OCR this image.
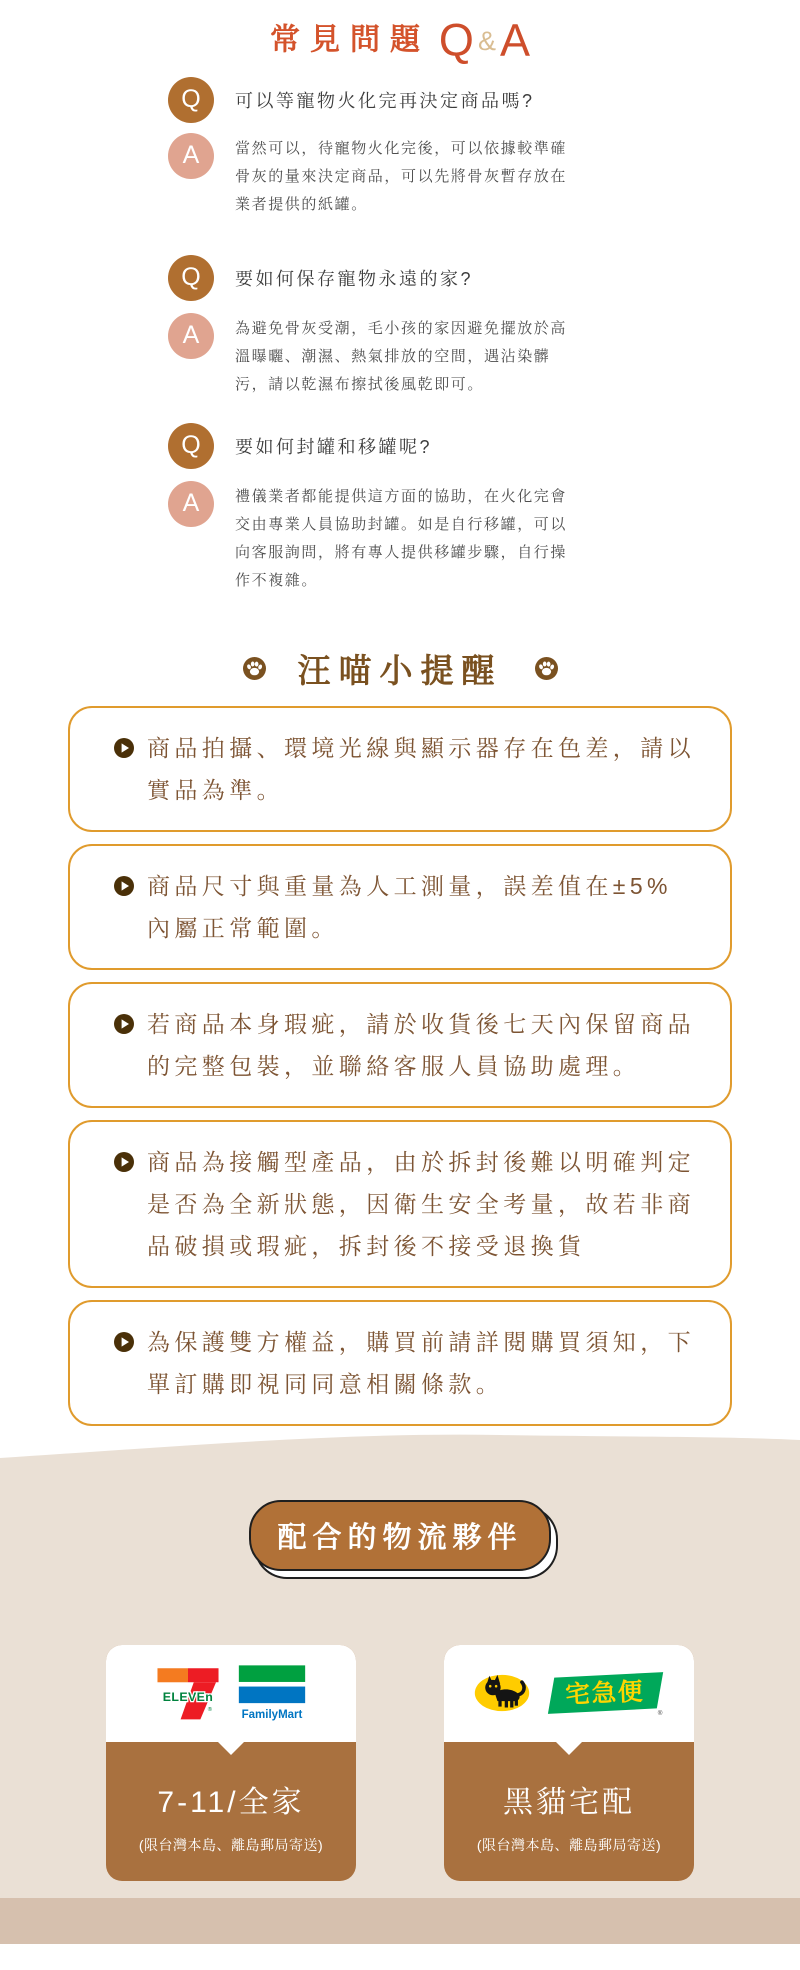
常見問題 Q &A
Q	可以等寵物火化完再決定商品嗎?

A	當然可以，待寵物火化完後，可以依據較準確骨灰的量來決定商品，可以先將骨灰暫存放在業者提供的紙罐。

Q	要如何保存寵物永遠的家?

A	為避免骨灰受潮，毛小孩的家因避免擺放於高溫曝曬、潮濕、熱氣排放的空間，遇沾染髒污，請以乾濕布擦拭後風乾即可。

Q	要如何封罐和移罐呢?

A	禮儀業者都能提供這方面的協助，在火化完會交由專業人員協助封罐。如是自行移罐，可以向客服詢問，將有專人提供移罐步驟，自行操作不複雜。

汪喵小提醒

商品拍攝、環境光線與顯示器存在色差，請以實品為準。

商品尺寸與重量為人工測量，誤差值在±5%內屬正常範圍。

若商品本身瑕疵，請於收貨後七天內保留商品的完整包裝，並聯絡客服人員協助處理。

商品為接觸型產品，由於拆封後難以明確判定是否為全新狀態，因衛生安全考量，故若非商品破損或瑕疵，拆封後不接受退換貨

為保護雙方權益，購買前請詳閱購買須知，下單訂購即視同同意相關條款。

配合的物流夥伴
ELEVEn
® FamilyMart
7-11/全家
(限台灣本島、離島郵局寄送)
宅急便
®
黑貓宅配
(限台灣本島、離島郵局寄送)
